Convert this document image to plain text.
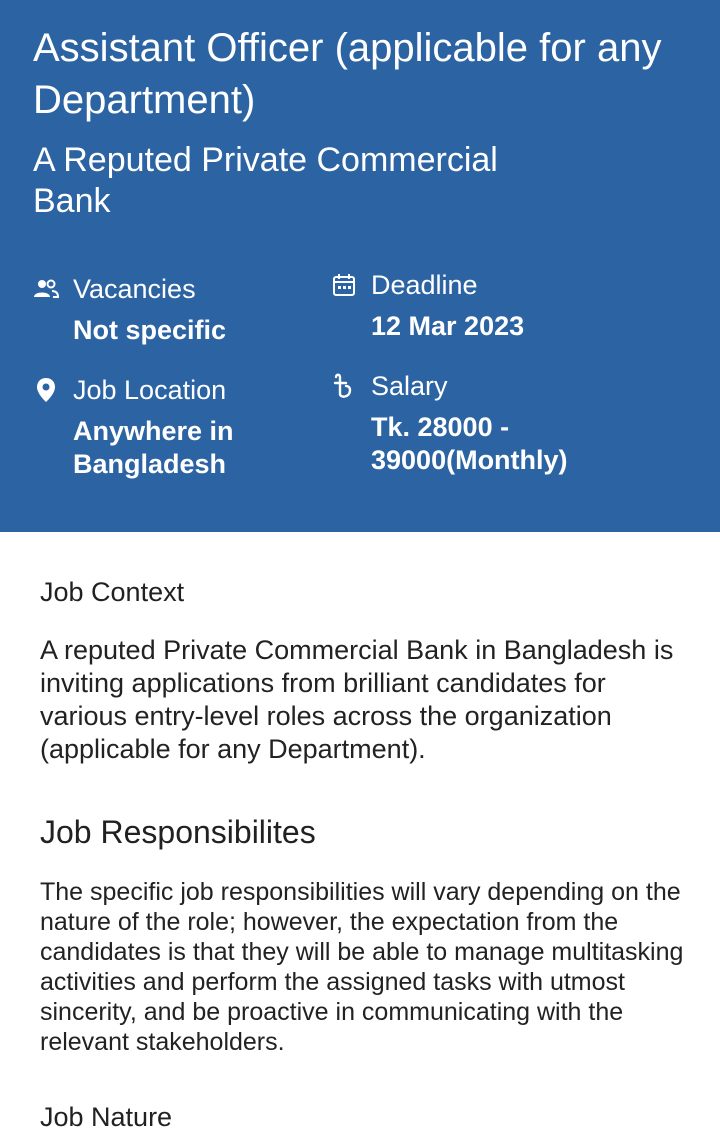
Assistant Officer (applicable for any Department)
A Reputed Private Commercial Bank
Vacancies
Not specific
Deadline
12 Mar 2023
Job Location
Anywhere in Bangladesh
Salary
Tk. 28000 - 39000(Monthly)
Job Context

A reputed Private Commercial Bank in Bangladesh is inviting applications from brilliant candidates for various entry-level roles across the organization (applicable for any Department).

Job Responsibilites

The specific job responsibilities will vary depending on the nature of the role; however, the expectation from the candidates is that they will be able to manage multitasking activities and perform the assigned tasks with utmost sincerity, and be proactive in communicating with the relevant stakeholders.

Job Nature
